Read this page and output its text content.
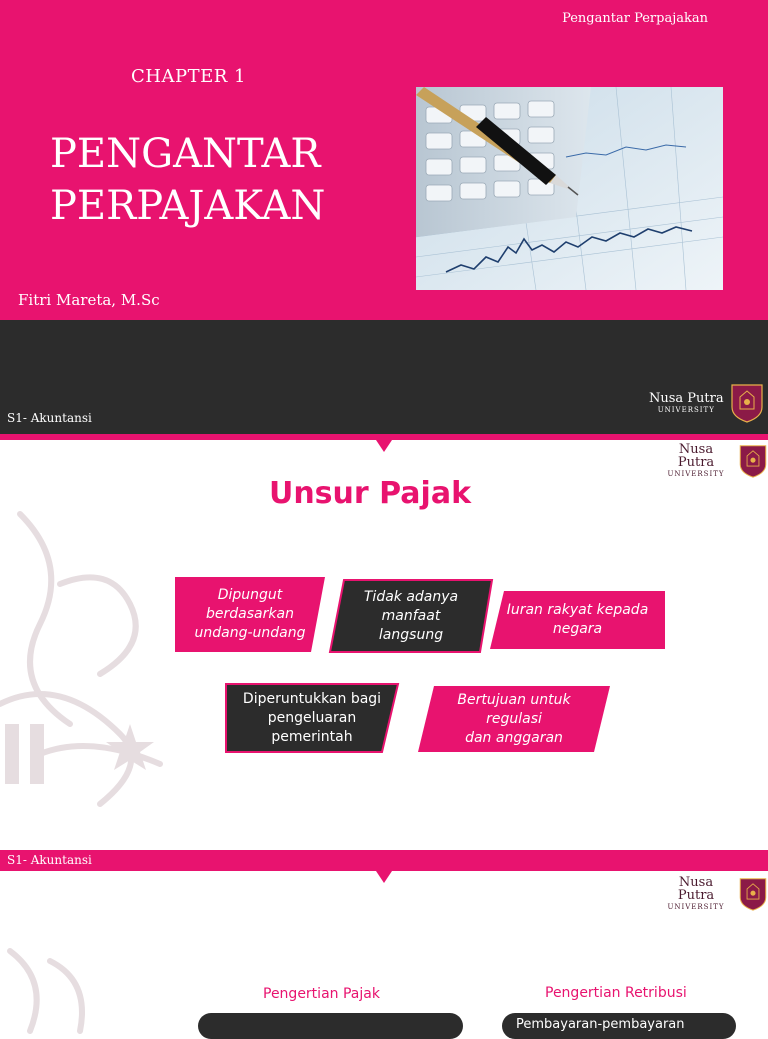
Pengantar Perpajakan
CHAPTER 1
PENGANTAR
PERPAJAKAN
Fitri Mareta, M.Sc
Nusa Putra
UNIVERSITY
S1- Akuntansi
Nusa Putra
UNIVERSITY
Unsur Pajak
Dipungut
berdasarkan
undang-undang
Tidak adanya
manfaat
langsung
Iuran rakyat kepada
negara
Diperuntukkan bagi
pengeluaran
pemerintah
Bertujuan untuk
regulasi
dan anggaran
S1- Akuntansi
Nusa Putra
UNIVERSITY
Pengertian Pajak	Pengertian Retribusi
Pembayaran-pembayaran
